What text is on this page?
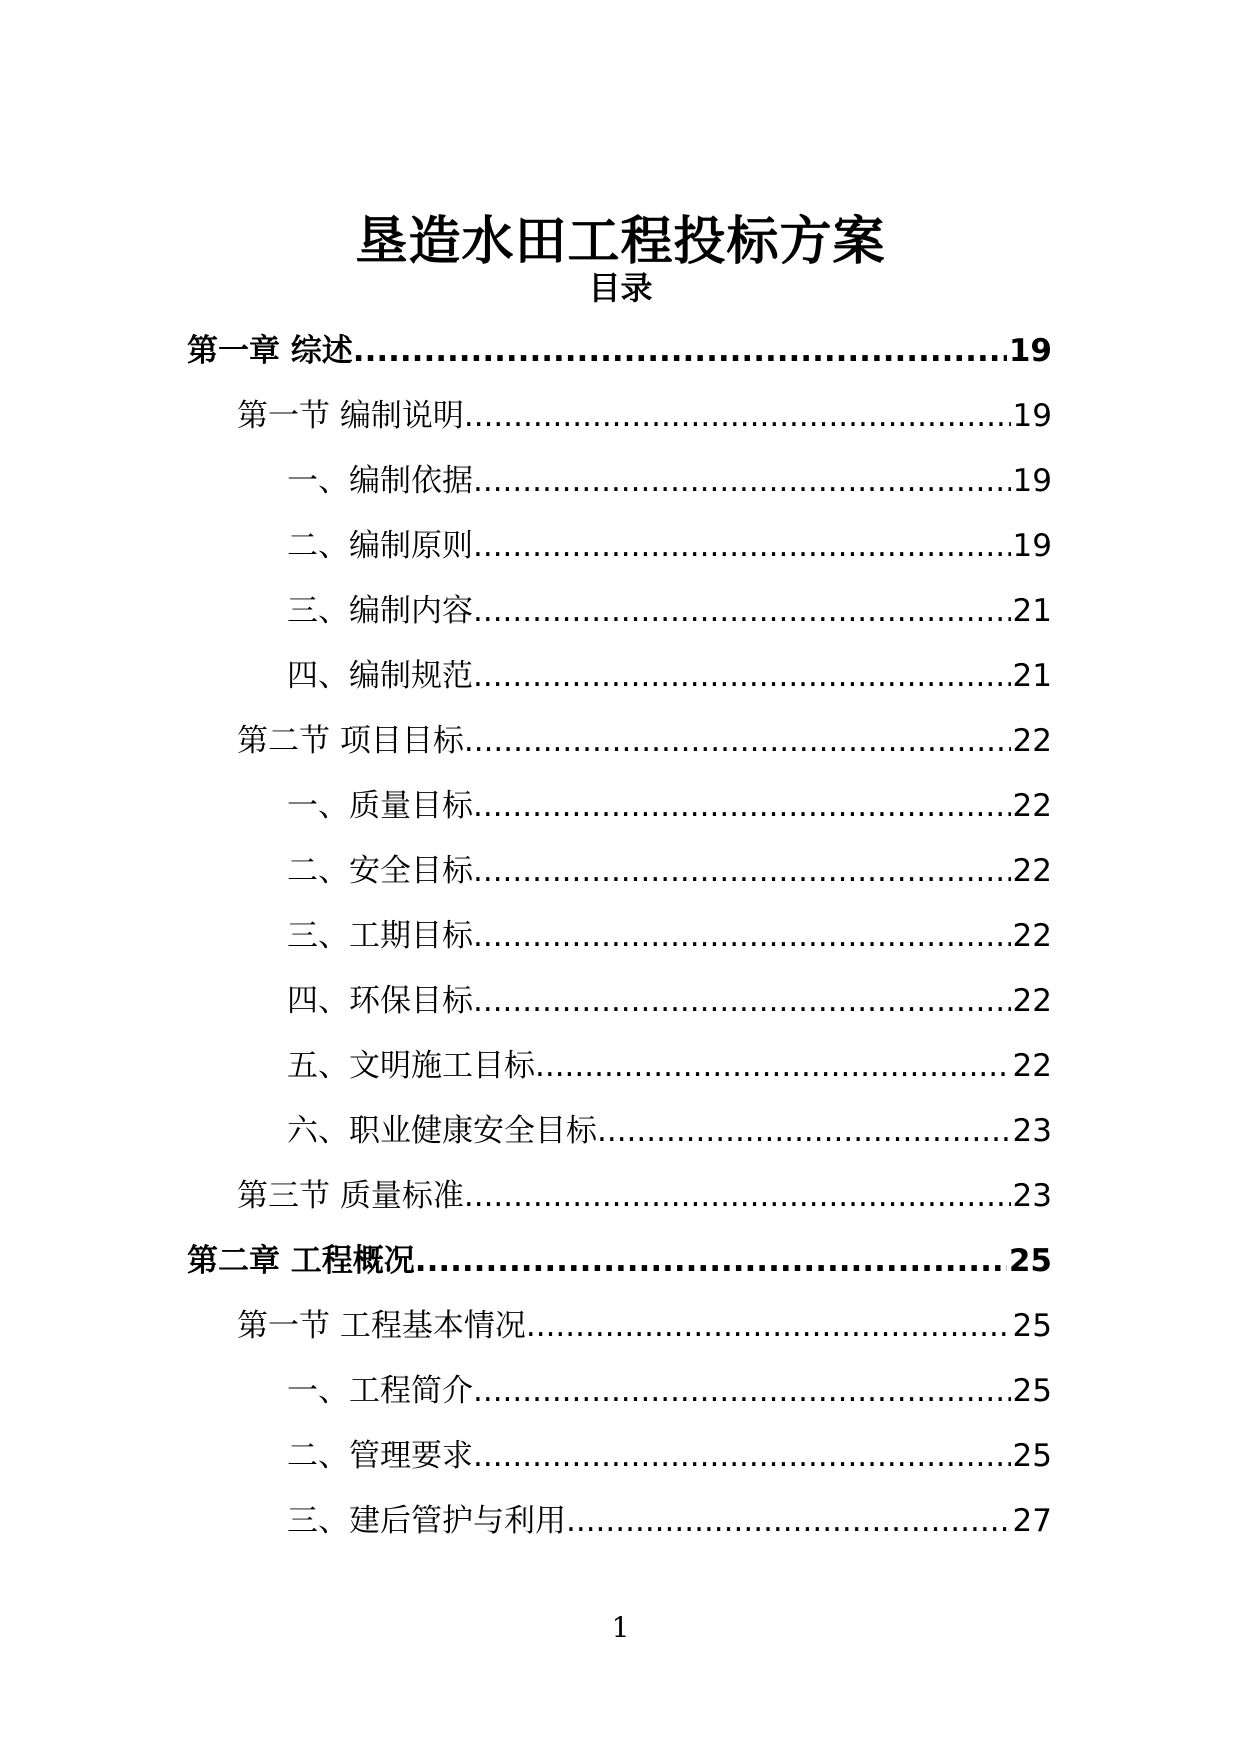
垦造水田工程投标方案
目录
第一章 综述 .....	19
第一节 编制说明 .....	19
一、编制依据 .....	19
二、编制原则 .....	19
三、编制内容 .....	21
四、编制规范 .....	21
第二节 项目目标 .....	22
一、质量目标 .....	22
二、安全目标 .....	22
三、工期目标 .....	22
四、环保目标 .....	22
五、文明施工目标 .....	22
六、职业健康安全目标 .....	23
第三节 质量标准 .....	23
第二章 工程概况 .....	25
第一节 工程基本情况 .....	25
一、工程简介 .....	25
二、管理要求 .....	25
三、建后管护与利用 .....	27
1
